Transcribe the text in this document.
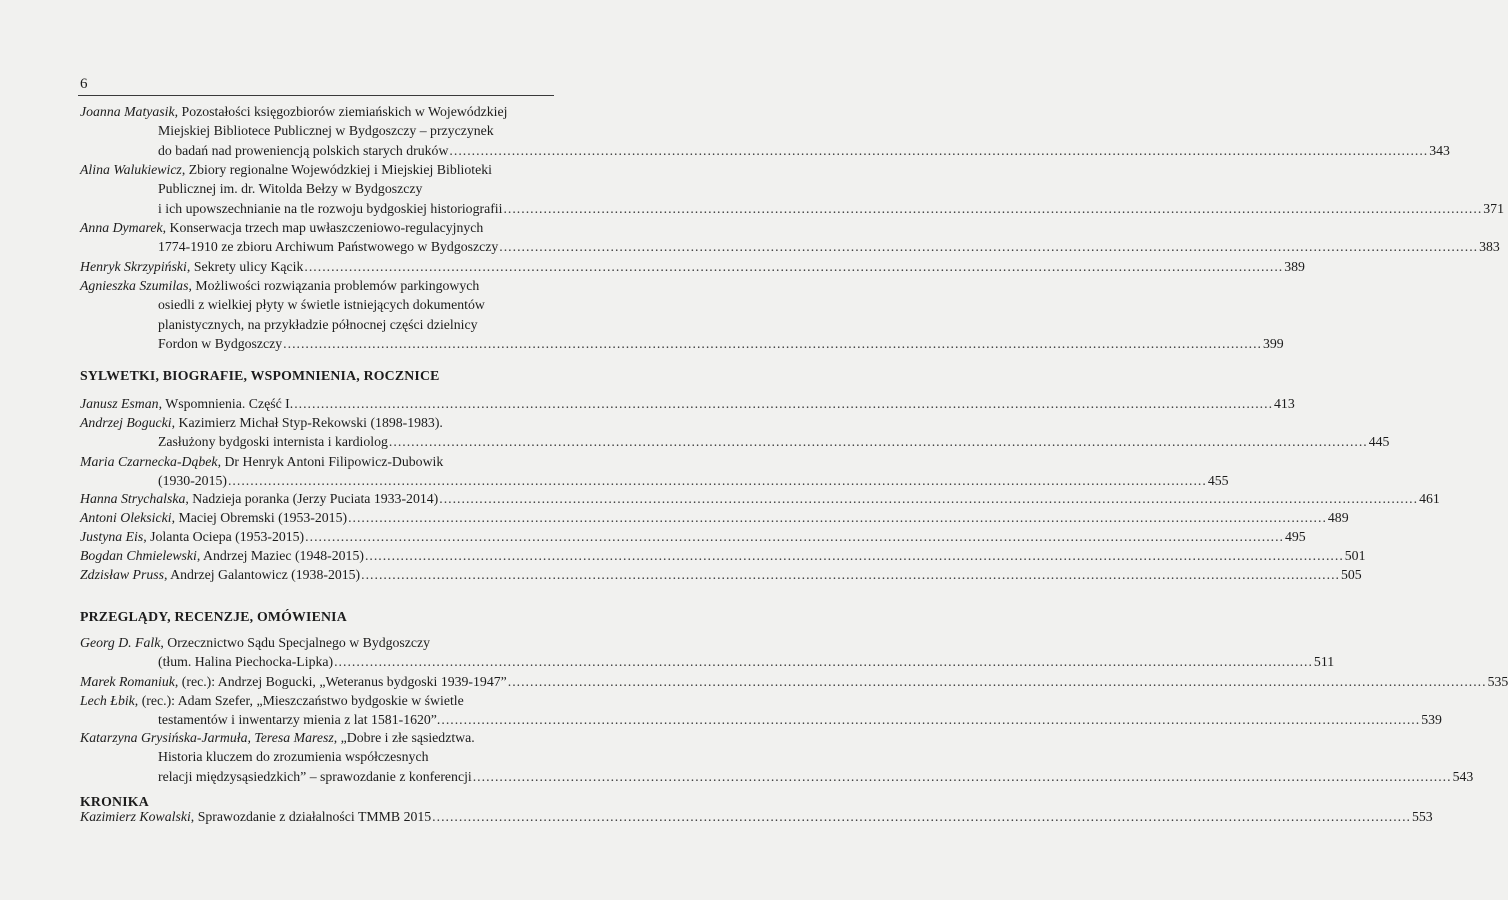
6
Joanna Matyasik, Pozostałości księgozbiorów ziemiańskich w Wojewódzkiej
Miejskiej Bibliotece Publicznej w Bydgoszczy – przyczynek
do badań nad proweniencją polskich starych druków ............................................................................................................................................................................................................................ 343
Alina Walukiewicz, Zbiory regionalne Wojewódzkiej i Miejskiej Biblioteki
Publicznej im. dr. Witolda Bełzy w Bydgoszczy
i ich upowszechnianie na tle rozwoju bydgoskiej historiografii ............................................................................................................................................................................................................................ 371
Anna Dymarek, Konserwacja trzech map uwłaszczeniowo-regulacyjnych
1774-1910 ze zbioru Archiwum Państwowego w Bydgoszczy ............................................................................................................................................................................................................................ 383
Henryk Skrzypiński, Sekrety ulicy Kącik ............................................................................................................................................................................................................................ 389
Agnieszka Szumilas, Możliwości rozwiązania problemów parkingowych
osiedli z wielkiej płyty w świetle istniejących dokumentów
planistycznych, na przykładzie północnej części dzielnicy
Fordon w Bydgoszczy ............................................................................................................................................................................................................................ 399
SYLWETKI, BIOGRAFIE, WSPOMNIENIA, ROCZNICE
Janusz Esman, Wspomnienia. Część I. ............................................................................................................................................................................................................................ 413
Andrzej Bogucki, Kazimierz Michał Styp-Rekowski (1898-1983).
Zasłużony bydgoski internista i kardiolog ............................................................................................................................................................................................................................ 445
Maria Czarnecka-Dąbek, Dr Henryk Antoni Filipowicz-Dubowik
(1930-2015) ............................................................................................................................................................................................................................ 455
Hanna Strychalska, Nadzieja poranka (Jerzy Puciata 1933-2014) ............................................................................................................................................................................................................................ 461
Antoni Oleksicki, Maciej Obremski (1953-2015) ............................................................................................................................................................................................................................ 489
Justyna Eis, Jolanta Ociepa (1953-2015) ............................................................................................................................................................................................................................ 495
Bogdan Chmielewski, Andrzej Maziec (1948-2015) ............................................................................................................................................................................................................................ 501
Zdzisław Pruss, Andrzej Galantowicz (1938-2015) ............................................................................................................................................................................................................................ 505
PRZEGLĄDY, RECENZJE, OMÓWIENIA
Georg D. Falk, Orzecznictwo Sądu Specjalnego w Bydgoszczy
(tłum. Halina Piechocka-Lipka) ............................................................................................................................................................................................................................ 511
Marek Romaniuk, (rec.): Andrzej Bogucki, „Weteranus bydgoski 1939-1947” ............................................................................................................................................................................................................................ 535
Lech Łbik, (rec.): Adam Szefer, „Mieszczaństwo bydgoskie w świetle
testamentów i inwentarzy mienia z lat 1581-1620”. ............................................................................................................................................................................................................................ 539
Katarzyna Grysińska-Jarmuła, Teresa Maresz, „Dobre i złe sąsiedztwa.
Historia kluczem do zrozumienia współczesnych
relacji międzysąsiedzkich” – sprawozdanie z konferencji ............................................................................................................................................................................................................................ 543
KRONIKA
Kazimierz Kowalski, Sprawozdanie z działalności TMMB 2015 ............................................................................................................................................................................................................................ 553
